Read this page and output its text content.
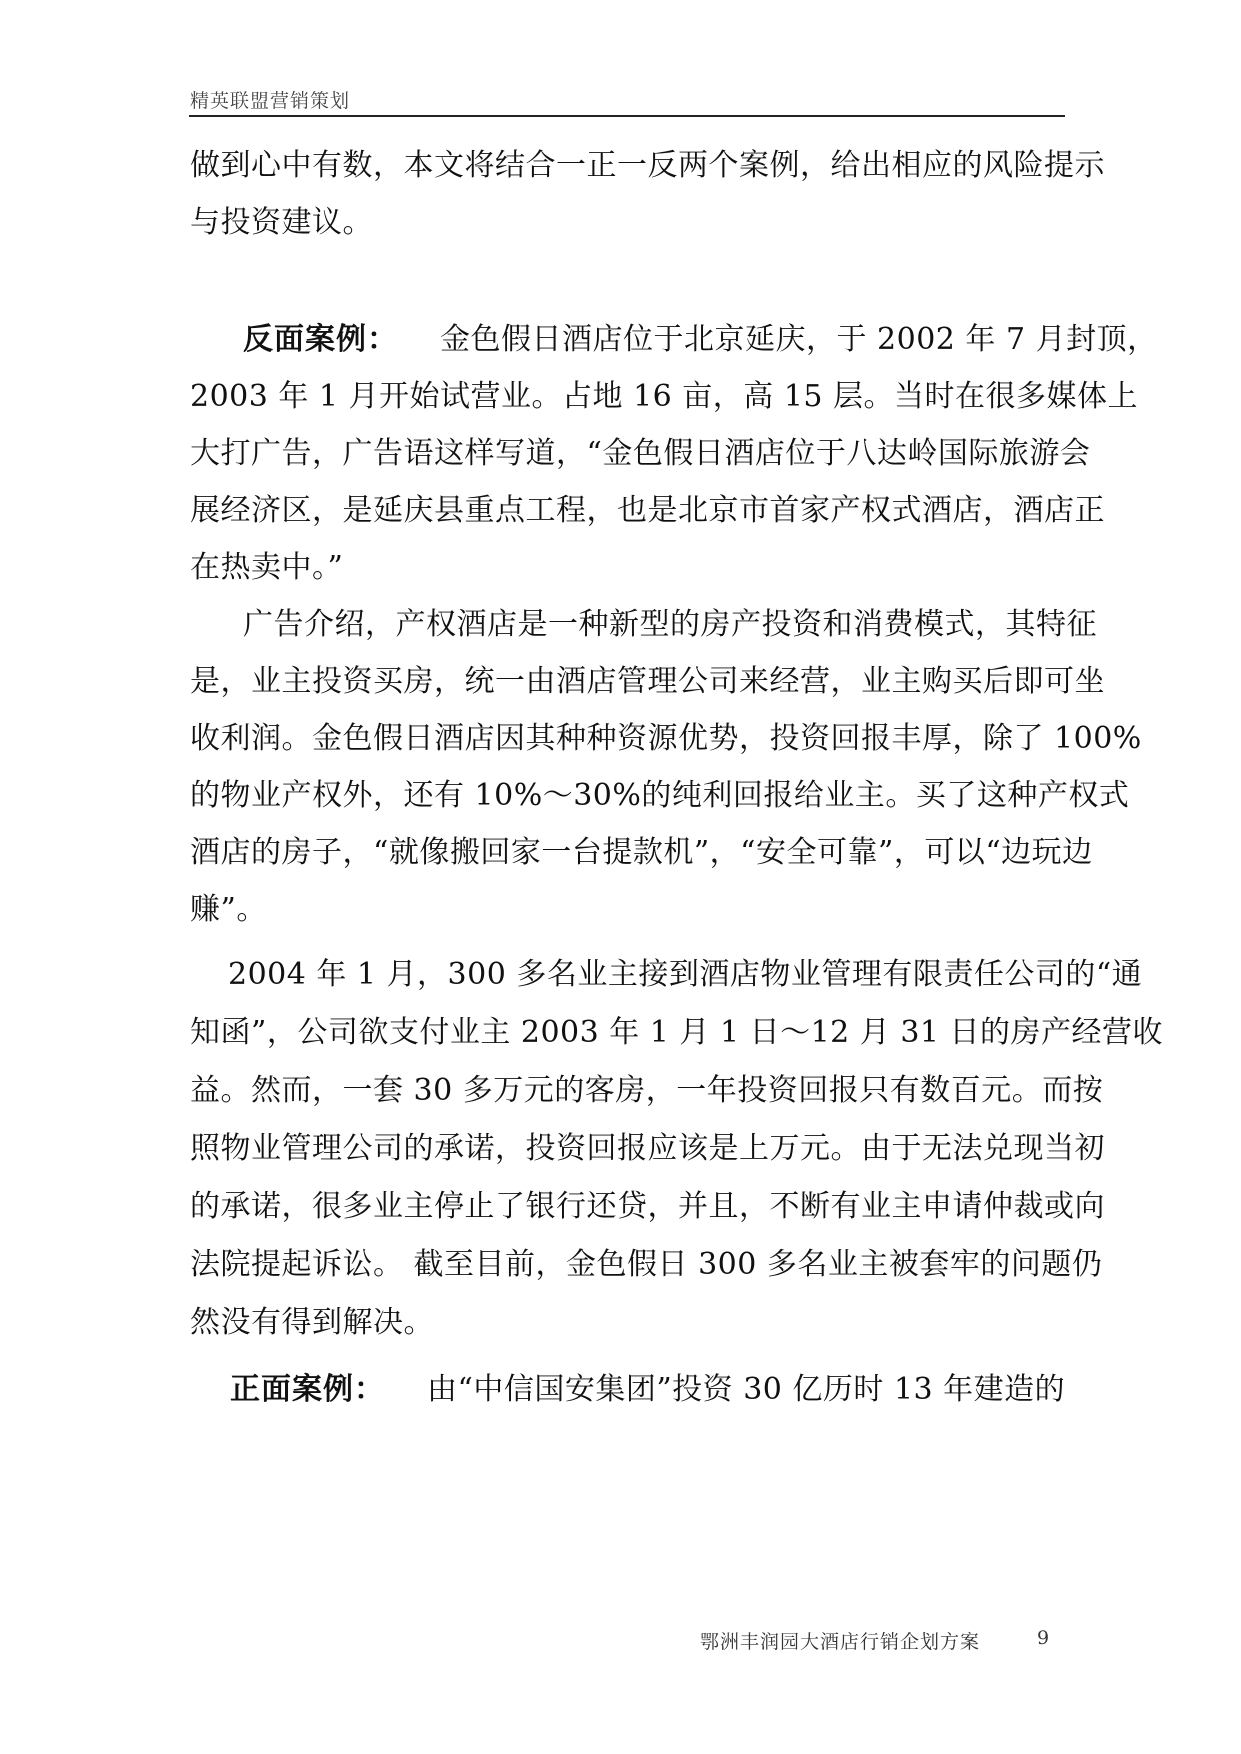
精英联盟营销策划
做到心中有数，本文将结合一正一反两个案例，给出相应的风险提示
与投资建议。
反面案例： 金色假日酒店位于北京延庆，于 2002 年 7 月封顶，
2003 年 1 月开始试营业。占地 16 亩，高 15 层。当时在很多媒体上
大打广告，广告语这样写道，“金色假日酒店位于八达岭国际旅游会
展经济区，是延庆县重点工程，也是北京市首家产权式酒店，酒店正
在热卖中。”
广告介绍，产权酒店是一种新型的房产投资和消费模式，其特征
是，业主投资买房，统一由酒店管理公司来经营，业主购买后即可坐
收利润。金色假日酒店因其种种资源优势，投资回报丰厚，除了 100%
的物业产权外，还有 10%～30%的纯利回报给业主。买了这种产权式
酒店的房子，“就像搬回家一台提款机”，“安全可靠”，可以“边玩边
赚”。
2004 年 1 月，300 多名业主接到酒店物业管理有限责任公司的“通
知函”，公司欲支付业主 2003 年 1 月 1 日～12 月 31 日的房产经营收
益。然而，一套 30 多万元的客房，一年投资回报只有数百元。而按
照物业管理公司的承诺，投资回报应该是上万元。由于无法兑现当初
的承诺，很多业主停止了银行还贷，并且，不断有业主申请仲裁或向
法院提起诉讼。 截至目前，金色假日 300 多名业主被套牢的问题仍
然没有得到解决。
正面案例： 由“中信国安集团”投资 30 亿历时 13 年建造的
鄂洲丰润园大酒店行销企划方案	9
